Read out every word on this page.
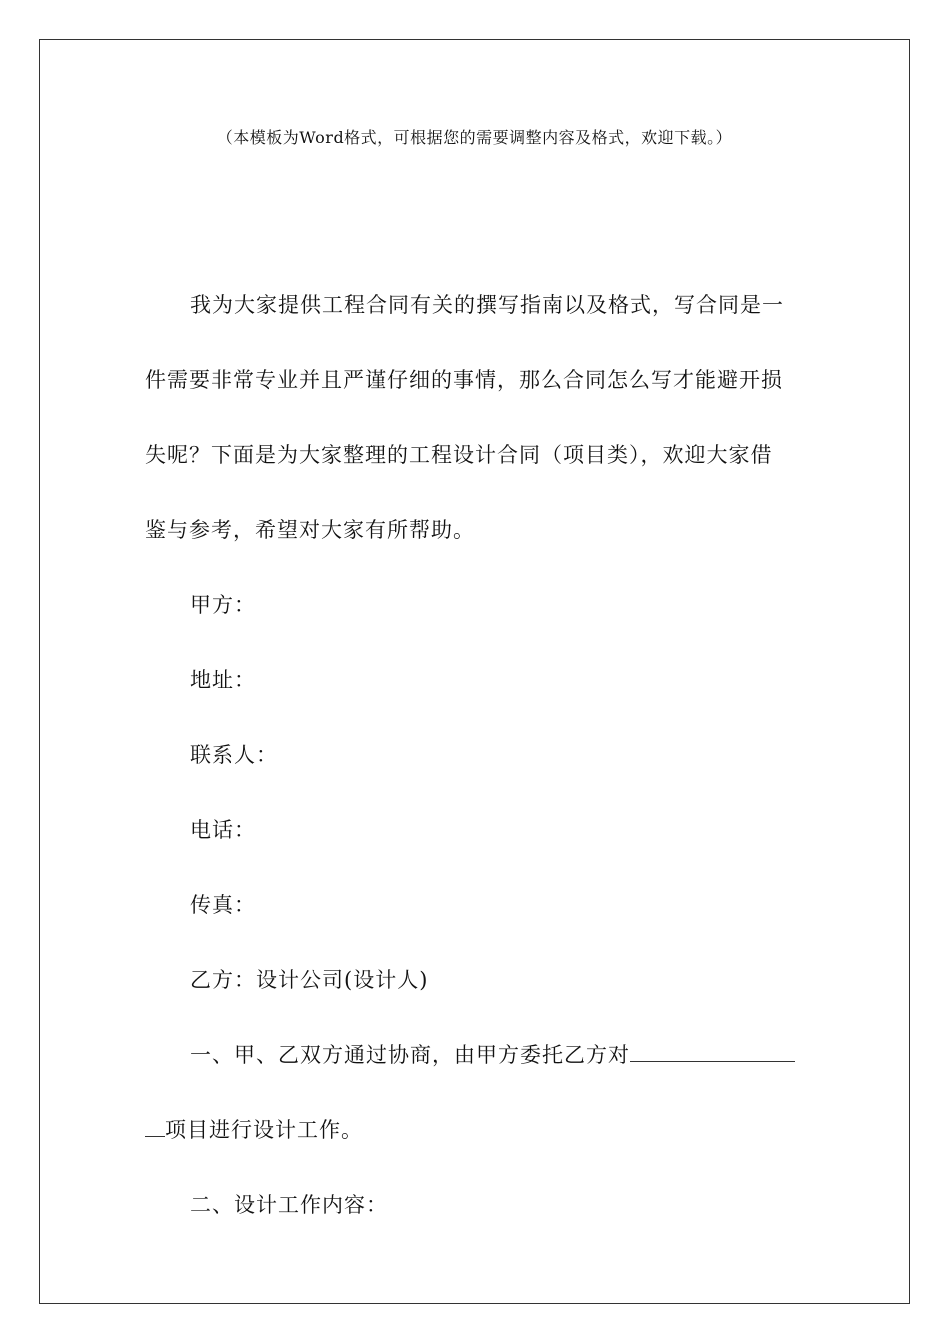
（本模板为Word格式，可根据您的需要调整内容及格式，欢迎下载。）

我为大家提供工程合同有关的撰写指南以及格式，写合同是一

件需要非常专业并且严谨仔细的事情，那么合同怎么写才能避开损

失呢？下面是为大家整理的工程设计合同（项目类），欢迎大家借

鉴与参考，希望对大家有所帮助。

甲方：

地址：

联系人：

电话：

传真：

乙方：设计公司(设计人)

一、甲、乙双方通过协商，由甲方委托乙方对

项目进行设计工作。

二、设计工作内容：
